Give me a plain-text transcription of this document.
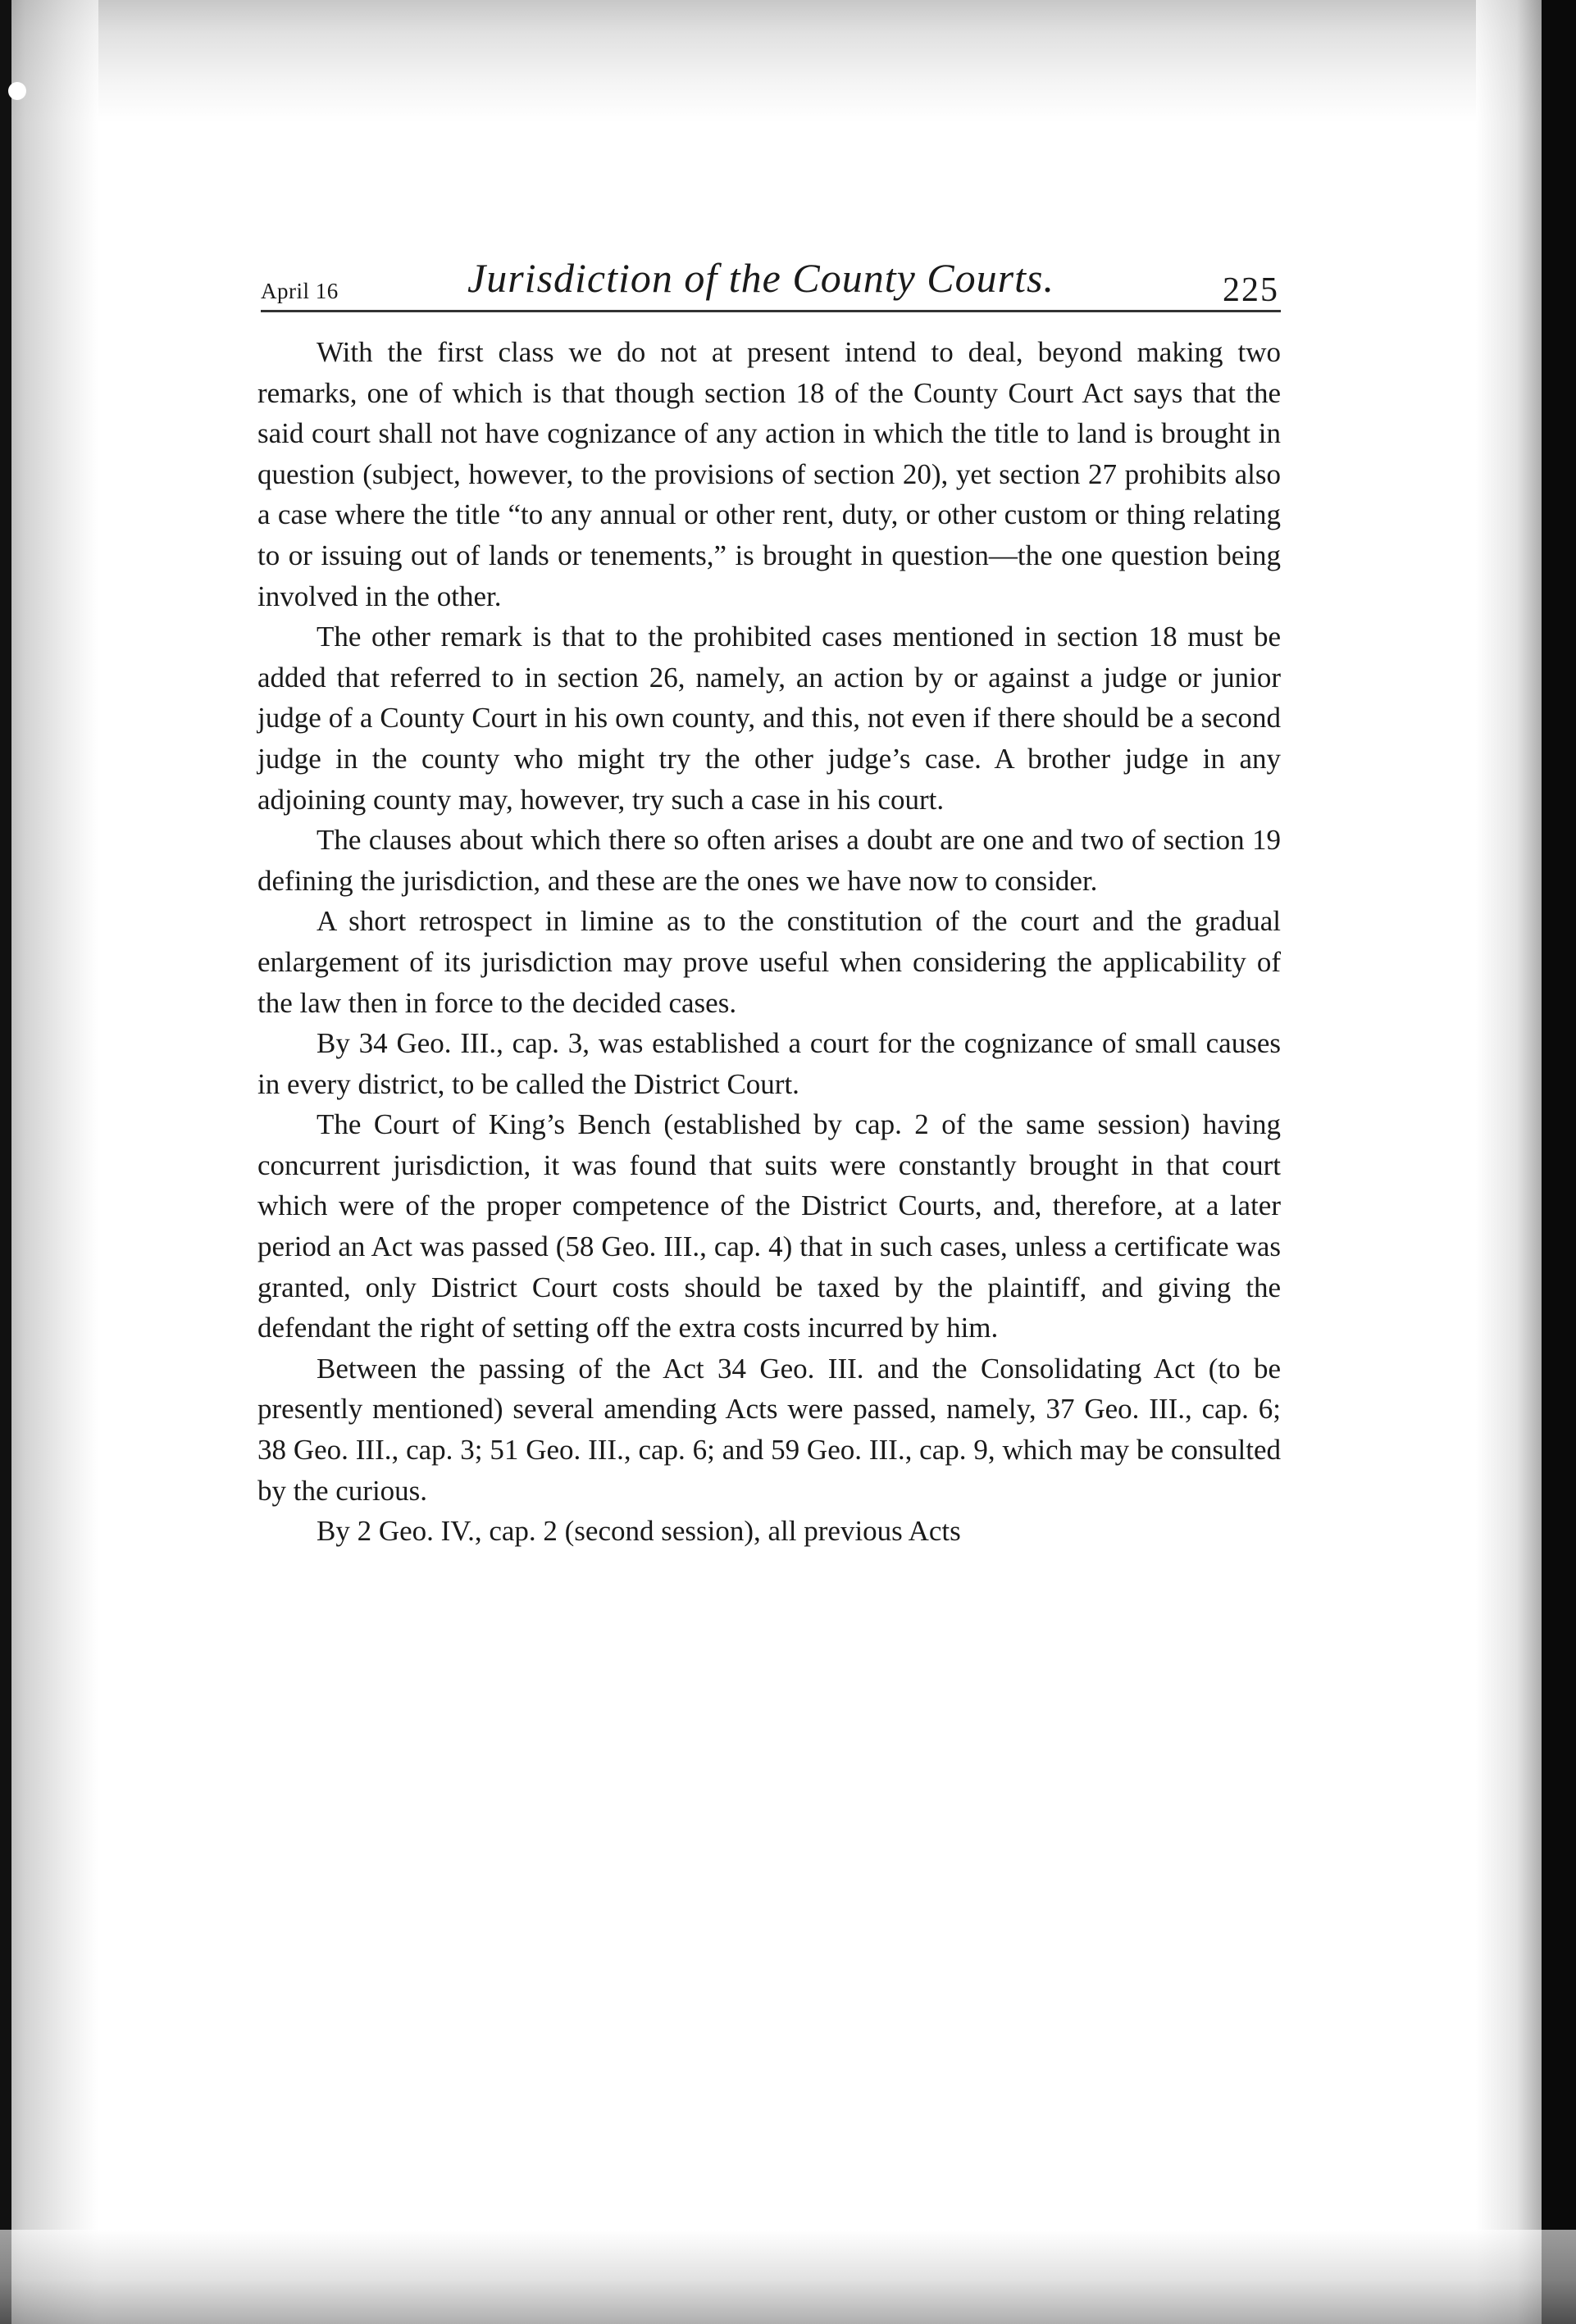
April 16	Jurisdiction of the County Courts.	225

With the first class we do not at present intend to deal, beyond making two remarks, one of which is that though section 18 of the County Court Act says that the said court shall not have cognizance of any action in which the title to land is brought in question (subject, however, to the provisions of section 20), yet section 27 prohibits also a case where the title “to any annual or other rent, duty, or other custom or thing relating to or issuing out of lands or tenements,” is brought in question—the one question being involved in the other.

The other remark is that to the prohibited cases mentioned in section 18 must be added that referred to in section 26, namely, an action by or against a judge or junior judge of a County Court in his own county, and this, not even if there should be a second judge in the county who might try the other judge’s case. A brother judge in any adjoining county may, however, try such a case in his court.

The clauses about which there so often arises a doubt are one and two of section 19 defining the jurisdiction, and these are the ones we have now to consider.

A short retrospect in limine as to the constitution of the court and the gradual enlargement of its jurisdiction may prove useful when considering the applicability of the law then in force to the decided cases.

By 34 Geo. III., cap. 3, was established a court for the cognizance of small causes in every district, to be called the District Court.

The Court of King’s Bench (established by cap. 2 of the same session) having concurrent jurisdiction, it was found that suits were constantly brought in that court which were of the proper competence of the District Courts, and, therefore, at a later period an Act was passed (58 Geo. III., cap. 4) that in such cases, unless a certificate was granted, only District Court costs should be taxed by the plaintiff, and giving the defendant the right of setting off the extra costs incurred by him.

Between the passing of the Act 34 Geo. III. and the Consolidating Act (to be presently mentioned) several amending Acts were passed, namely, 37 Geo. III., cap. 6; 38 Geo. III., cap. 3; 51 Geo. III., cap. 6; and 59 Geo. III., cap. 9, which may be consulted by the curious.

By 2 Geo. IV., cap. 2 (second session), all previous Acts
